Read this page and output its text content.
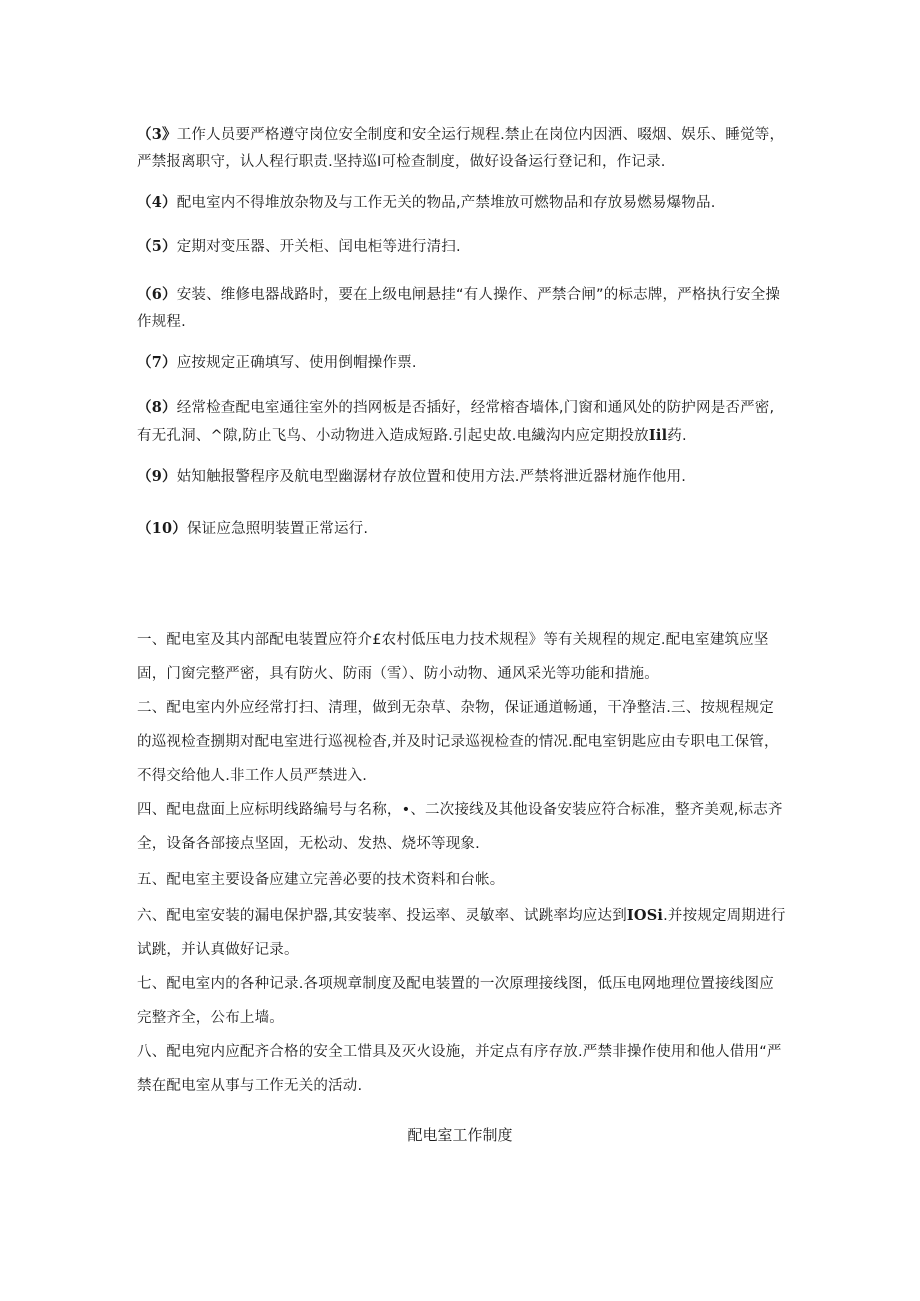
（3》工作人员要严格遵守岗位安全制度和安全运行规程.禁止在岗位内因洒、啜烟、娱乐、睡觉等，严禁报离职守，认人程行职责.坚持巡I可检查制度，做好设备运行登记和，作记录.
（4）配电室内不得堆放杂物及与工作无关的物品,产禁堆放可燃物品和存放易燃易爆物品.
（5）定期对变压器、开关柜、闰电柜等进行清扫.
（6）安装、维修电器战路时，要在上级电闸悬挂“有人操作、严禁合闸”的标志牌，严格执行安全操作规程.
（7）应按规定正确填写、使用倒帽操作票.
（8）经常检查配电室通往室外的挡网板是否插好，经常榕杳墙体,门窗和通风处的防护网是否严密,有无孔洞、^隙,防止飞鸟、小动物进入造成短路.引起史故.电繊沟内应定期投放Iil药.
（9）姑知触报警程序及航电型幽潺材存放位置和使用方法.严禁将泄近器材施作他用.
（10）保证应急照明装置正常运行.
一、配电室及其内部配电装置应符介£农村低压电力技术规程》等有关规程的规定.配电室建筑应坚固，门窗完整严密，具有防火、防雨（雪）、防小动物、通风采光等功能和措施。
二、配电室内外应经常打扫、清理，做到无杂草、杂物，保证通道畅通，干净整洁.三、按规程规定的巡视检查捌期对配电室进行巡视检杳,并及时记录巡视检查的情况.配电室钥匙应由专职电工保管，不得交给他人.非工作人员严禁进入.
四、配电盘面上应标明线路编号与名称，•、二次接线及其他设备安装应符合标准，整齐美观,标志齐全，设备各部接点坚固，无松动、发热、烧坏等现象.
五、配电室主要设备应建立完善必要的技术资料和台帐。
六、配电室安装的漏电保护器,其安装率、投运率、灵敏率、试跳率均应达到IOSi.并按规定周期进行试跳，并认真做好记录。
七、配电室内的各种记录.各项规章制度及配电装置的一次原理接线图，低压电网地理位置接线图应完整齐全，公布上墙。
八、配电宛内应配齐合格的安全工惜具及灭火设施，并定点有序存放.严禁非操作使用和他人借用“严禁在配电室从事与工作无关的活动.
配电室工作制度
